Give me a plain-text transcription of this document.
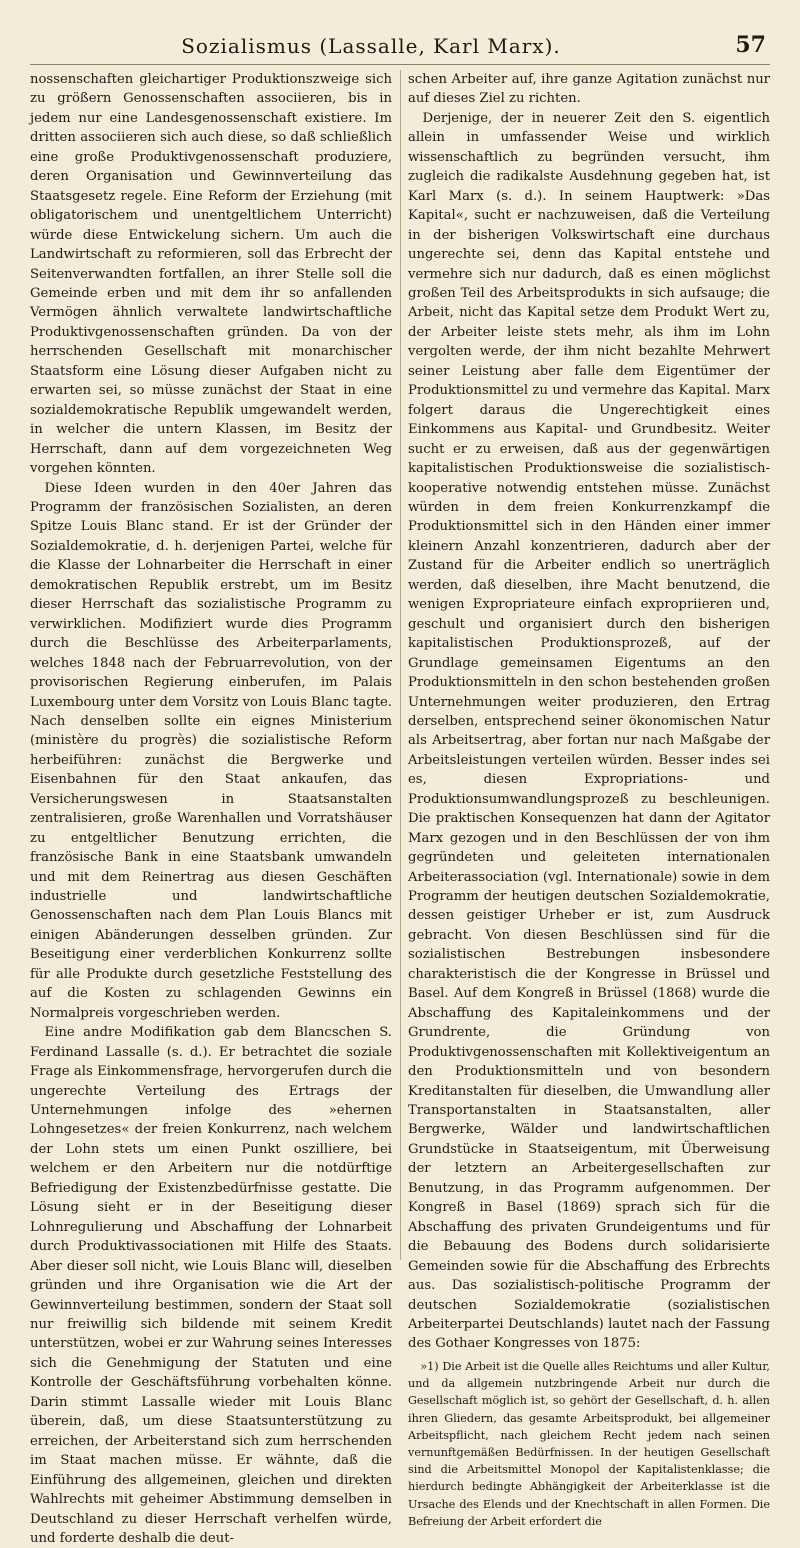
Sozialismus (Lassalle, Karl Marx).	57

nossenschaften gleichartiger Produktionszweige sich zu größern Genossenschaften associieren, bis in jedem nur eine Landesgenossenschaft existiere. Im dritten associieren sich auch diese, so daß schließlich eine große Produktivgenossenschaft produziere, deren Organisation und Gewinnverteilung das Staatsgesetz regele. Eine Reform der Erziehung (mit obligatorischem und unentgeltlichem Unterricht) würde diese Entwickelung sichern. Um auch die Landwirtschaft zu reformieren, soll das Erbrecht der Seitenverwandten fortfallen, an ihrer Stelle soll die Gemeinde erben und mit dem ihr so anfallenden Vermögen ähnlich verwaltete landwirtschaftliche Produktivgenossenschaften gründen. Da von der herrschenden Gesellschaft mit monarchischer Staatsform eine Lösung dieser Aufgaben nicht zu erwarten sei, so müsse zunächst der Staat in eine sozialdemokratische Republik umgewandelt werden, in welcher die untern Klassen, im Besitz der Herrschaft, dann auf dem vorgezeichneten Weg vorgehen könnten.

Diese Ideen wurden in den 40er Jahren das Programm der französischen Sozialisten, an deren Spitze Louis Blanc stand. Er ist der Gründer der Sozialdemokratie, d. h. derjenigen Partei, welche für die Klasse der Lohnarbeiter die Herrschaft in einer demokratischen Republik erstrebt, um im Besitz dieser Herrschaft das sozialistische Programm zu verwirklichen. Modifiziert wurde dies Programm durch die Beschlüsse des Arbeiterparlaments, welches 1848 nach der Februarrevolution, von der provisorischen Regierung einberufen, im Palais Luxembourg unter dem Vorsitz von Louis Blanc tagte. Nach denselben sollte ein eignes Ministerium (ministère du progrès) die sozialistische Reform herbeiführen: zunächst die Bergwerke und Eisenbahnen für den Staat ankaufen, das Versicherungswesen in Staatsanstalten zentralisieren, große Warenhallen und Vorratshäuser zu entgeltlicher Benutzung errichten, die französische Bank in eine Staatsbank umwandeln und mit dem Reinertrag aus diesen Geschäften industrielle und landwirtschaftliche Genossenschaften nach dem Plan Louis Blancs mit einigen Abänderungen desselben gründen. Zur Beseitigung einer verderblichen Konkurrenz sollte für alle Produkte durch gesetzliche Feststellung des auf die Kosten zu schlagenden Gewinns ein Normalpreis vorgeschrieben werden.

Eine andre Modifikation gab dem Blancschen S. Ferdinand Lassalle (s. d.). Er betrachtet die soziale Frage als Einkommensfrage, hervorgerufen durch die ungerechte Verteilung des Ertrags der Unternehmungen infolge des »ehernen Lohngesetzes« der freien Konkurrenz, nach welchem der Lohn stets um einen Punkt oszilliere, bei welchem er den Arbeitern nur die notdürftige Befriedigung der Existenzbedürfnisse gestatte. Die Lösung sieht er in der Beseitigung dieser Lohnregulierung und Abschaffung der Lohnarbeit durch Produktivassociationen mit Hilfe des Staats. Aber dieser soll nicht, wie Louis Blanc will, dieselben gründen und ihre Organisation wie die Art der Gewinnverteilung bestimmen, sondern der Staat soll nur freiwillig sich bildende mit seinem Kredit unterstützen, wobei er zur Wahrung seines Interesses sich die Genehmigung der Statuten und eine Kontrolle der Geschäftsführung vorbehalten könne. Darin stimmt Lassalle wieder mit Louis Blanc überein, daß, um diese Staatsunterstützung zu erreichen, der Arbeiterstand sich zum herrschenden im Staat machen müsse. Er wähnte, daß die Einführung des allgemeinen, gleichen und direkten Wahlrechts mit geheimer Abstimmung demselben in Deutschland zu dieser Herrschaft verhelfen würde, und forderte deshalb die deut-

schen Arbeiter auf, ihre ganze Agitation zunächst nur auf dieses Ziel zu richten.

Derjenige, der in neuerer Zeit den S. eigentlich allein in umfassender Weise und wirklich wissenschaftlich zu begründen versucht, ihm zugleich die radikalste Ausdehnung gegeben hat, ist Karl Marx (s. d.). In seinem Hauptwerk: »Das Kapital«, sucht er nachzuweisen, daß die Verteilung in der bisherigen Volkswirtschaft eine durchaus ungerechte sei, denn das Kapital entstehe und vermehre sich nur dadurch, daß es einen möglichst großen Teil des Arbeitsprodukts in sich aufsauge; die Arbeit, nicht das Kapital setze dem Produkt Wert zu, der Arbeiter leiste stets mehr, als ihm im Lohn vergolten werde, der ihm nicht bezahlte Mehrwert seiner Leistung aber falle dem Eigentümer der Produktionsmittel zu und vermehre das Kapital. Marx folgert daraus die Ungerechtigkeit eines Einkommens aus Kapital- und Grundbesitz. Weiter sucht er zu erweisen, daß aus der gegenwärtigen kapitalistischen Produktionsweise die sozialistisch-kooperative notwendig entstehen müsse. Zunächst würden in dem freien Konkurrenzkampf die Produktionsmittel sich in den Händen einer immer kleinern Anzahl konzentrieren, dadurch aber der Zustand für die Arbeiter endlich so unerträglich werden, daß dieselben, ihre Macht benutzend, die wenigen Expropriateure einfach expropriieren und, geschult und organisiert durch den bisherigen kapitalistischen Produktionsprozeß, auf der Grundlage gemeinsamen Eigentums an den Produktionsmitteln in den schon bestehenden großen Unternehmungen weiter produzieren, den Ertrag derselben, entsprechend seiner ökonomischen Natur als Arbeitsertrag, aber fortan nur nach Maßgabe der Arbeitsleistungen verteilen würden. Besser indes sei es, diesen Expropriations- und Produktionsumwandlungsprozeß zu beschleunigen. Die praktischen Konsequenzen hat dann der Agitator Marx gezogen und in den Beschlüssen der von ihm gegründeten und geleiteten internationalen Arbeiterassociation (vgl. Internationale) sowie in dem Programm der heutigen deutschen Sozialdemokratie, dessen geistiger Urheber er ist, zum Ausdruck gebracht. Von diesen Beschlüssen sind für die sozialistischen Bestrebungen insbesondere charakteristisch die der Kongresse in Brüssel und Basel. Auf dem Kongreß in Brüssel (1868) wurde die Abschaffung des Kapitaleinkommens und der Grundrente, die Gründung von Produktivgenossenschaften mit Kollektiveigentum an den Produktionsmitteln und von besondern Kreditanstalten für dieselben, die Umwandlung aller Transportanstalten in Staatsanstalten, aller Bergwerke, Wälder und landwirtschaftlichen Grundstücke in Staatseigentum, mit Überweisung der letztern an Arbeitergesellschaften zur Benutzung, in das Programm aufgenommen. Der Kongreß in Basel (1869) sprach sich für die Abschaffung des privaten Grundeigentums und für die Bebauung des Bodens durch solidarisierte Gemeinden sowie für die Abschaffung des Erbrechts aus. Das sozialistisch-politische Programm der deutschen Sozialdemokratie (sozialistischen Arbeiterpartei Deutschlands) lautet nach der Fassung des Gothaer Kongresses von 1875:

»1) Die Arbeit ist die Quelle alles Reichtums und aller Kultur, und da allgemein nutzbringende Arbeit nur durch die Gesellschaft möglich ist, so gehört der Gesellschaft, d. h. allen ihren Gliedern, das gesamte Arbeitsprodukt, bei allgemeiner Arbeitspflicht, nach gleichem Recht jedem nach seinen vernunftgemäßen Bedürfnissen. In der heutigen Gesellschaft sind die Arbeitsmittel Monopol der Kapitalistenklasse; die hierdurch bedingte Abhängigkeit der Arbeiterklasse ist die Ursache des Elends und der Knechtschaft in allen Formen. Die Befreiung der Arbeit erfordert die
